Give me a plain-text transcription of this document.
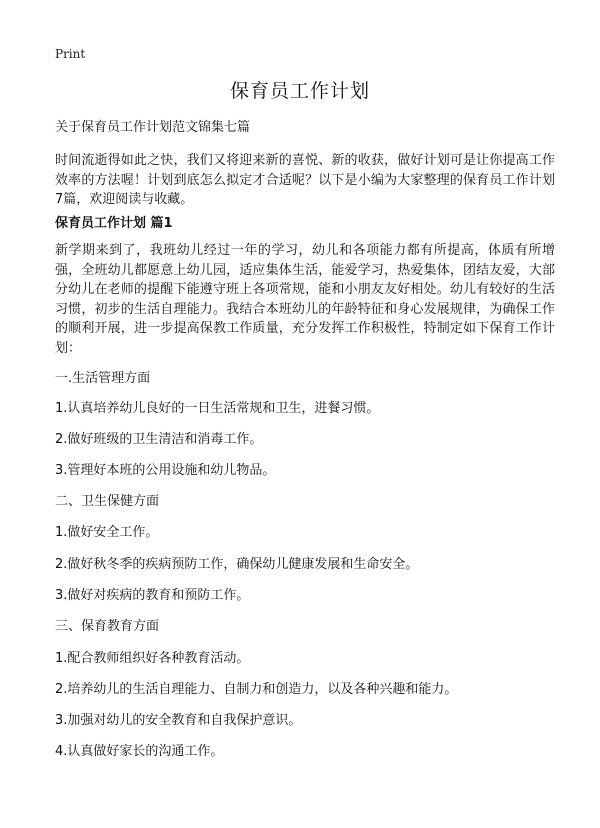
Print
保育员工作计划
关于保育员工作计划范文锦集七篇

时间流逝得如此之快，我们又将迎来新的喜悦、新的收获，做好计划可是让你提高工作效率的方法喔！计划到底怎么拟定才合适呢？以下是小编为大家整理的保育员工作计划7篇，欢迎阅读与收藏。

保育员工作计划 篇1

新学期来到了，我班幼儿经过一年的学习，幼儿和各项能力都有所提高，体质有所增强，全班幼儿都愿意上幼儿园，适应集体生活，能爱学习，热爱集体，团结友爱，大部分幼儿在老师的提醒下能遵守班上各项常规，能和小朋友友好相处。幼儿有较好的生活习惯，初步的生活自理能力。我结合本班幼儿的年龄特征和身心发展规律，为确保工作的顺利开展，进一步提高保教工作质量，充分发挥工作积极性，特制定如下保育工作计划：

一.生活管理方面
1.认真培养幼儿良好的一日生活常规和卫生，进餐习惯。
2.做好班级的卫生清洁和消毒工作。
3.管理好本班的公用设施和幼儿物品。
二、卫生保健方面
1.做好安全工作。
2.做好秋冬季的疾病预防工作，确保幼儿健康发展和生命安全。
3.做好对疾病的教育和预防工作。
三、保育教育方面
1.配合教师组织好各种教育活动。
2.培养幼儿的生活自理能力、自制力和创造力，以及各种兴趣和能力。
3.加强对幼儿的安全教育和自我保护意识。
4.认真做好家长的沟通工作。
